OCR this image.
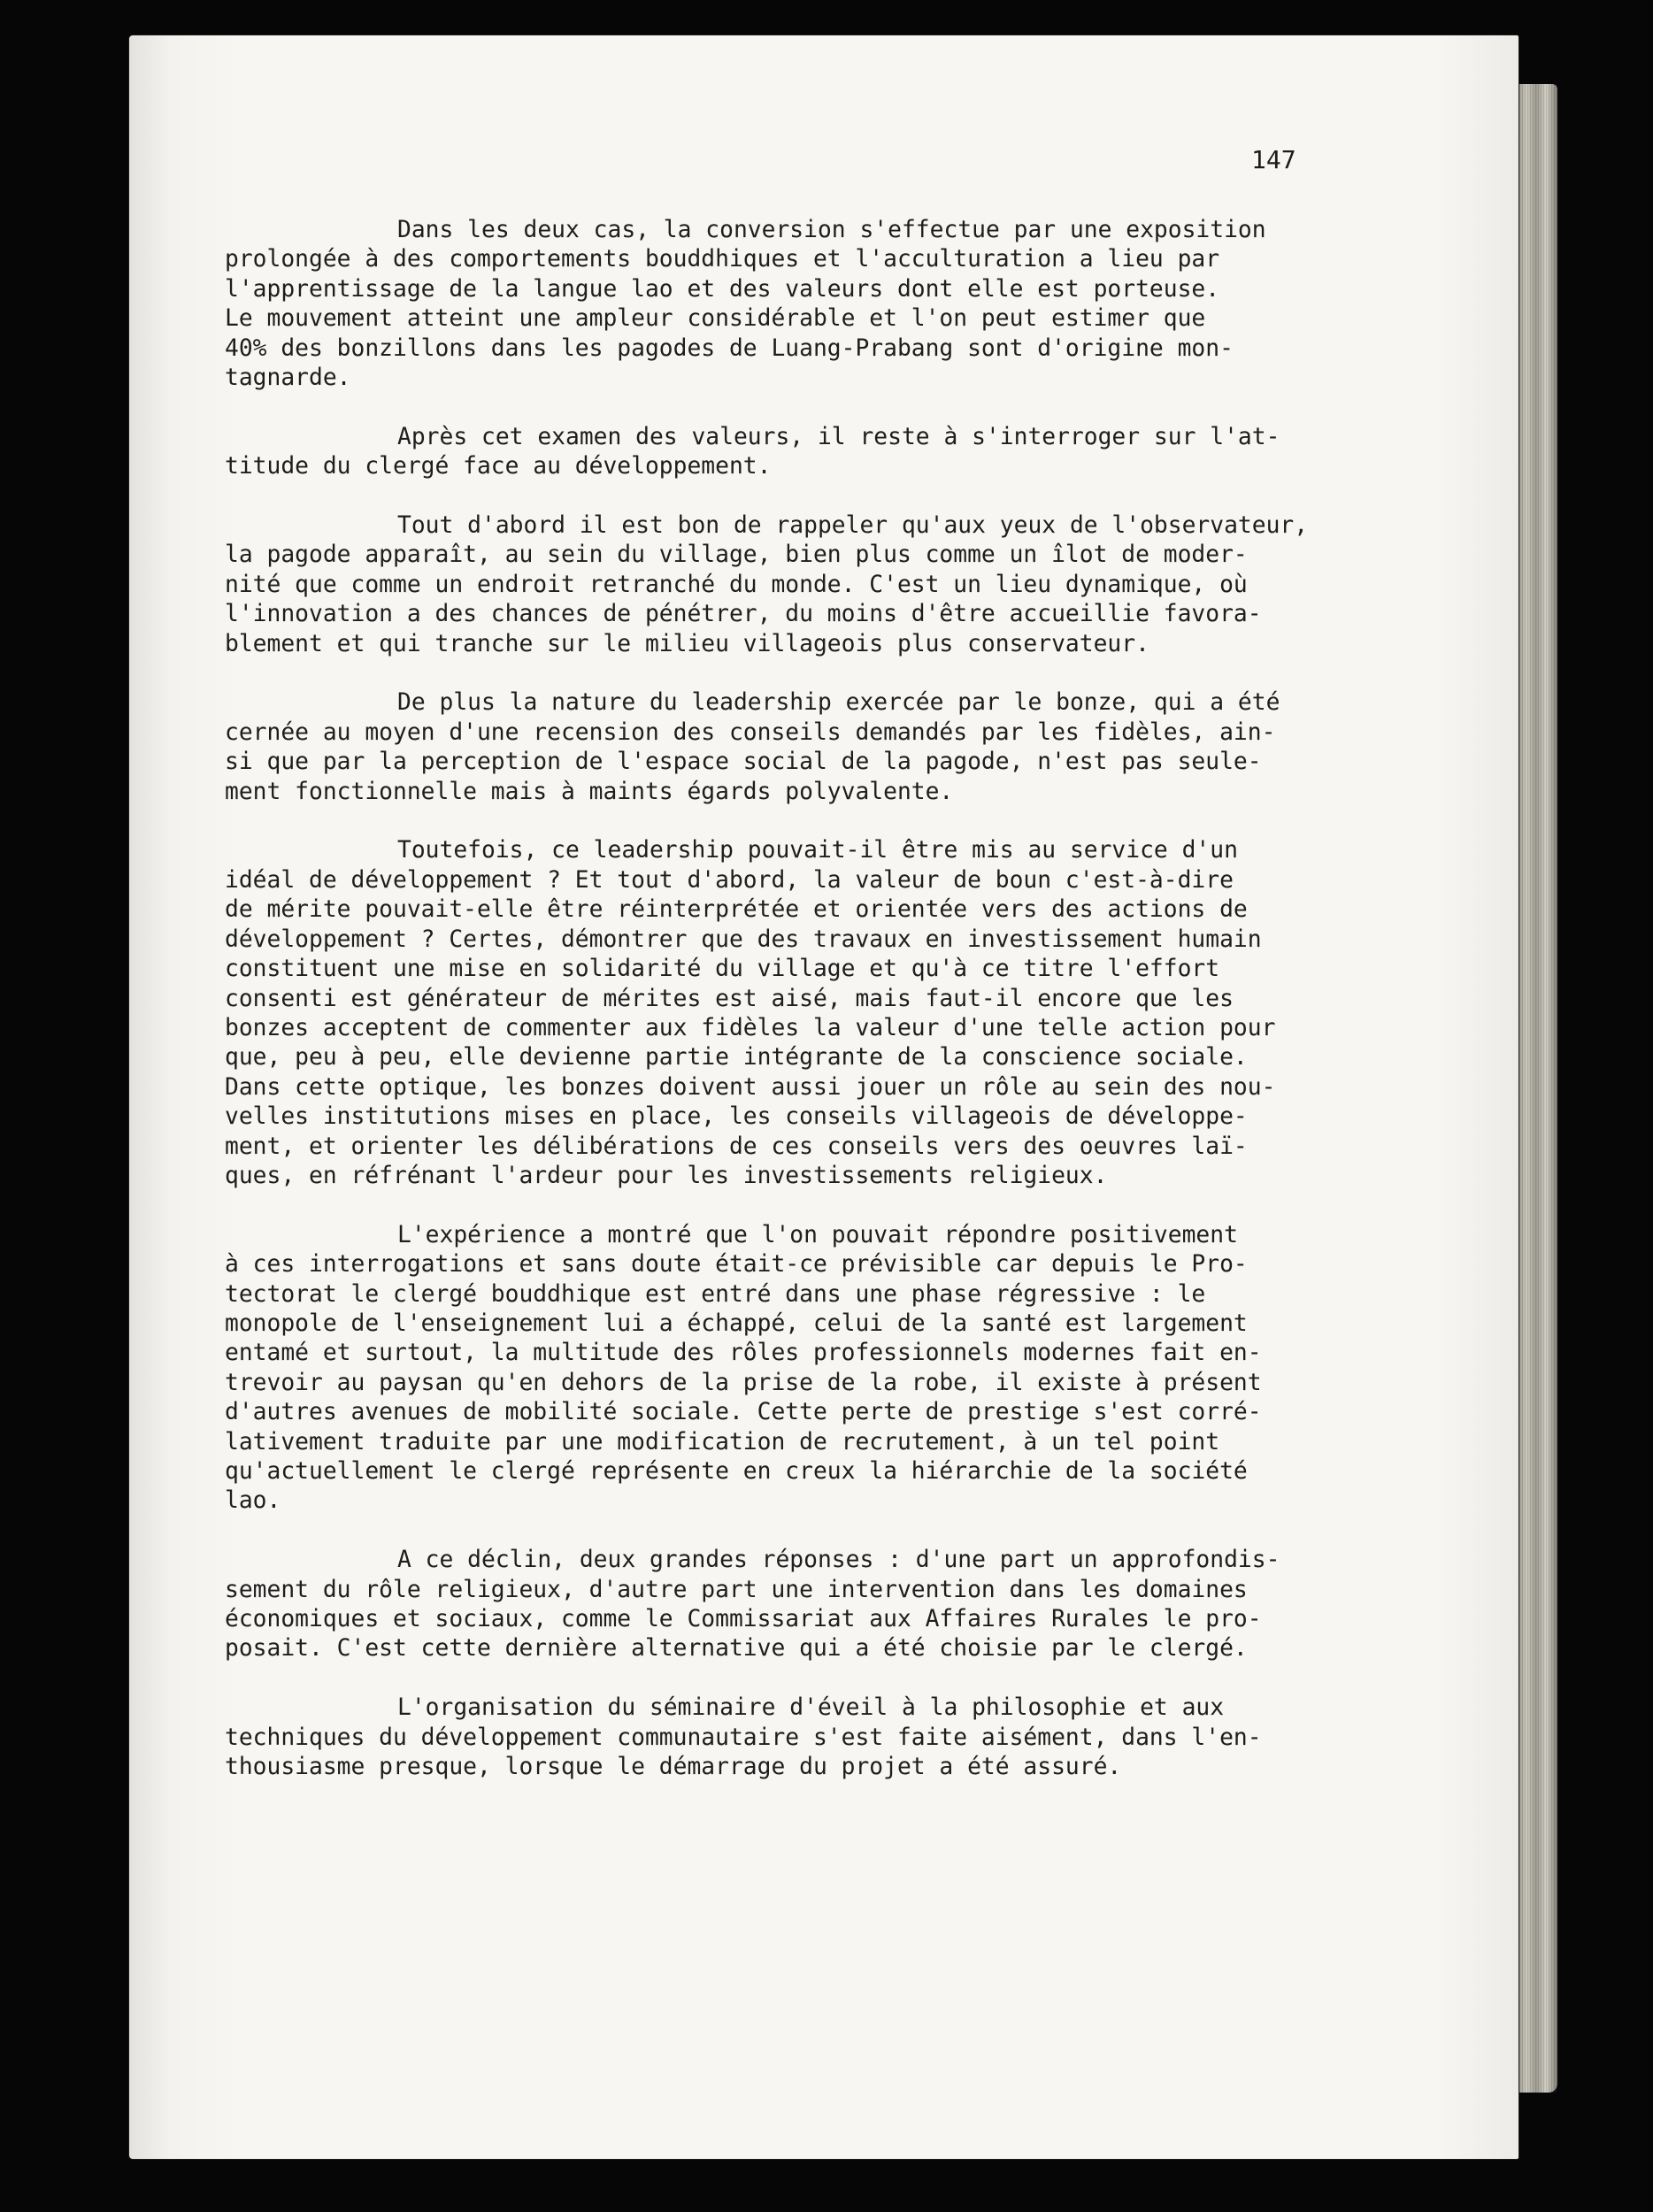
147
Dans les deux cas, la conversion s'effectue par une exposition
prolongée à des comportements bouddhiques et l'acculturation a lieu par
l'apprentissage de la langue lao et des valeurs dont elle est porteuse.
Le mouvement atteint une ampleur considérable et l'on peut estimer que
40% des bonzillons dans les pagodes de Luang-Prabang sont d'origine mon-
tagnarde.
Après cet examen des valeurs, il reste à s'interroger sur l'at-
titude du clergé face au développement.
Tout d'abord il est bon de rappeler qu'aux yeux de l'observateur,
la pagode apparaît, au sein du village, bien plus comme un îlot de moder-
nité que comme un endroit retranché du monde. C'est un lieu dynamique, où
l'innovation a des chances de pénétrer, du moins d'être accueillie favora-
blement et qui tranche sur le milieu villageois plus conservateur.
De plus la nature du leadership exercée par le bonze, qui a été
cernée au moyen d'une recension des conseils demandés par les fidèles, ain-
si que par la perception de l'espace social de la pagode, n'est pas seule-
ment fonctionnelle mais à maints égards polyvalente.
Toutefois, ce leadership pouvait-il être mis au service d'un
idéal de développement ? Et tout d'abord, la valeur de boun c'est-à-dire
de mérite pouvait-elle être réinterprétée et orientée vers des actions de
développement ? Certes, démontrer que des travaux en investissement humain
constituent une mise en solidarité du village et qu'à ce titre l'effort
consenti est générateur de mérites est aisé, mais faut-il encore que les
bonzes acceptent de commenter aux fidèles la valeur d'une telle action pour
que, peu à peu, elle devienne partie intégrante de la conscience sociale.
Dans cette optique, les bonzes doivent aussi jouer un rôle au sein des nou-
velles institutions mises en place, les conseils villageois de développe-
ment, et orienter les délibérations de ces conseils vers des oeuvres laï-
ques, en réfrénant l'ardeur pour les investissements religieux.
L'expérience a montré que l'on pouvait répondre positivement
à ces interrogations et sans doute était-ce prévisible car depuis le Pro-
tectorat le clergé bouddhique est entré dans une phase régressive : le
monopole de l'enseignement lui a échappé, celui de la santé est largement
entamé et surtout, la multitude des rôles professionnels modernes fait en-
trevoir au paysan qu'en dehors de la prise de la robe, il existe à présent
d'autres avenues de mobilité sociale. Cette perte de prestige s'est corré-
lativement traduite par une modification de recrutement, à un tel point
qu'actuellement le clergé représente en creux la hiérarchie de la société
lao.
A ce déclin, deux grandes réponses : d'une part un approfondis-
sement du rôle religieux, d'autre part une intervention dans les domaines
économiques et sociaux, comme le Commissariat aux Affaires Rurales le pro-
posait. C'est cette dernière alternative qui a été choisie par le clergé.
L'organisation du séminaire d'éveil à la philosophie et aux
techniques du développement communautaire s'est faite aisément, dans l'en-
thousiasme presque, lorsque le démarrage du projet a été assuré.
